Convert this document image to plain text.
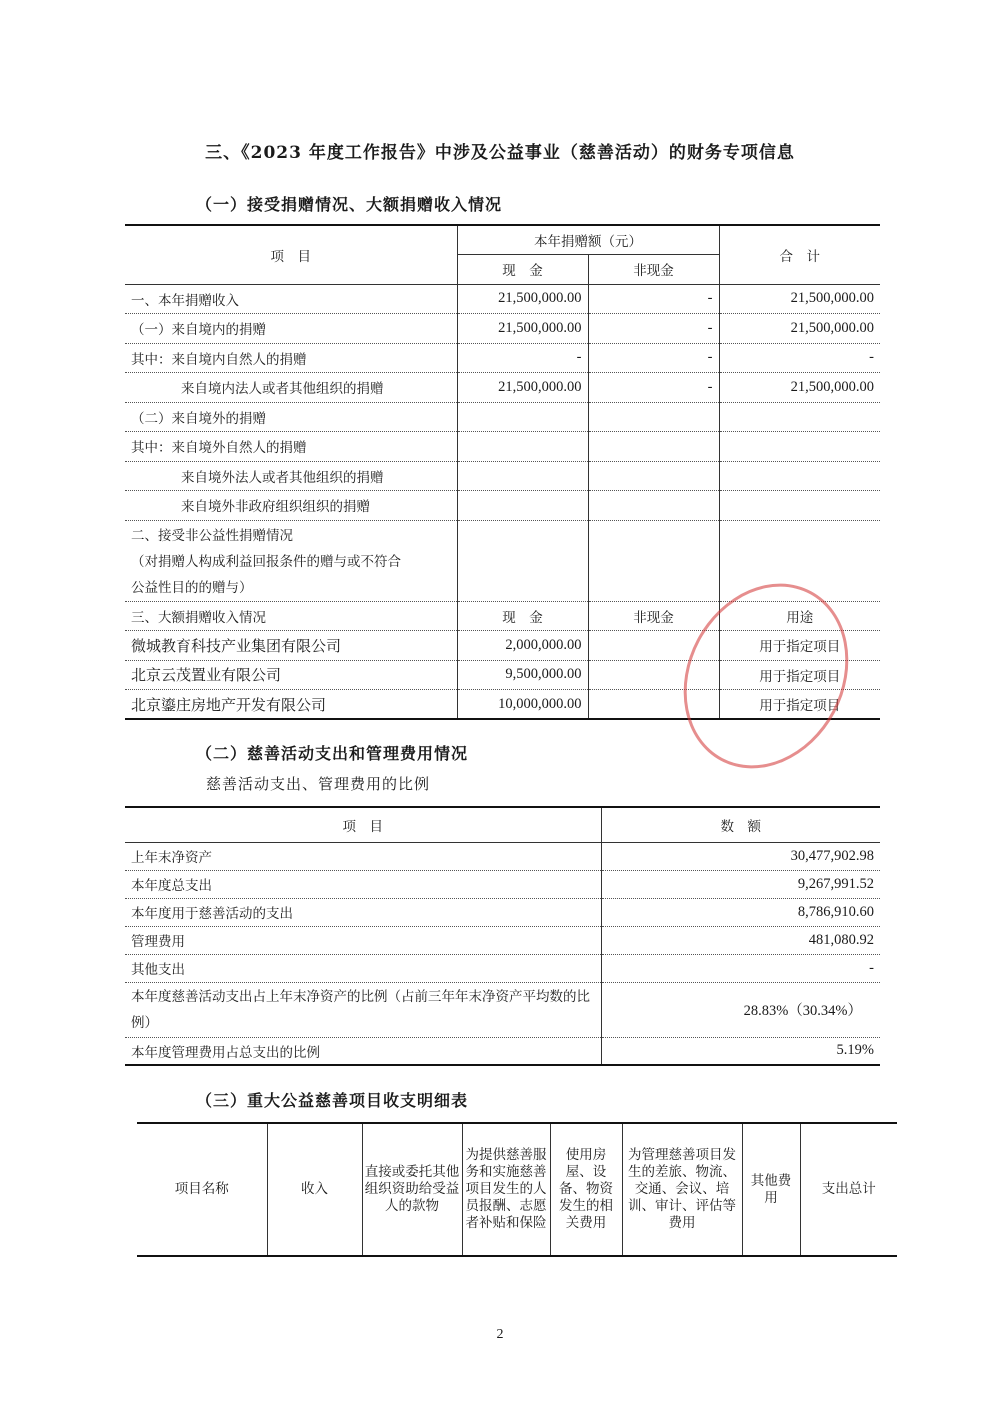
三、《2023 年度工作报告》中涉及公益事业（慈善活动）的财务专项信息
（一）接受捐赠情况、大额捐赠收入情况
项　目	本年捐赠额（元）		合　计
	现　金	非现金	
一、本年捐赠收入	21,500,000.00	-	21,500,000.00
（一）来自境内的捐赠	21,500,000.00	-	21,500,000.00
其中：来自境内自然人的捐赠	-	-	-
来自境内法人或者其他组织的捐赠	21,500,000.00	-	21,500,000.00
（二）来自境外的捐赠			
其中：来自境外自然人的捐赠			
来自境外法人或者其他组织的捐赠			
来自境外非政府组织组织的捐赠			

二、接受非公益性捐赠情况
（对捐赠人构成利益回报条件的赠与或不符合
公益性目的的赠与）			

三、大额捐赠收入情况	现　金	非现金	用途
微城教育科技产业集团有限公司	2,000,000.00		用于指定项目
北京云茂置业有限公司	9,500,000.00		用于指定项目
北京鎏庄房地产开发有限公司	10,000,000.00		用于指定项目
（二）慈善活动支出和管理费用情况
慈善活动支出、管理费用的比例
项　目	数　额
上年末净资产	30,477,902.98
本年度总支出	9,267,991.52
本年度用于慈善活动的支出	8,786,910.60
管理费用	481,080.92
其他支出	-
本年度慈善活动支出占上年末净资产的比例（占前三年年末净资产平均数的比例）	28.83%（30.34%）
本年度管理费用占总支出的比例	5.19%
（三）重大公益慈善项目收支明细表
项目名称	收入	直接或委托其他组织资助给受益人的款物	为提供慈善服务和实施慈善项目发生的人员报酬、志愿者补贴和保险	使用房屋、设备、物资发生的相关费用	为管理慈善项目发生的差旅、物流、交通、会议、培训、审计、评估等费用	其他费用	支出总计
2
